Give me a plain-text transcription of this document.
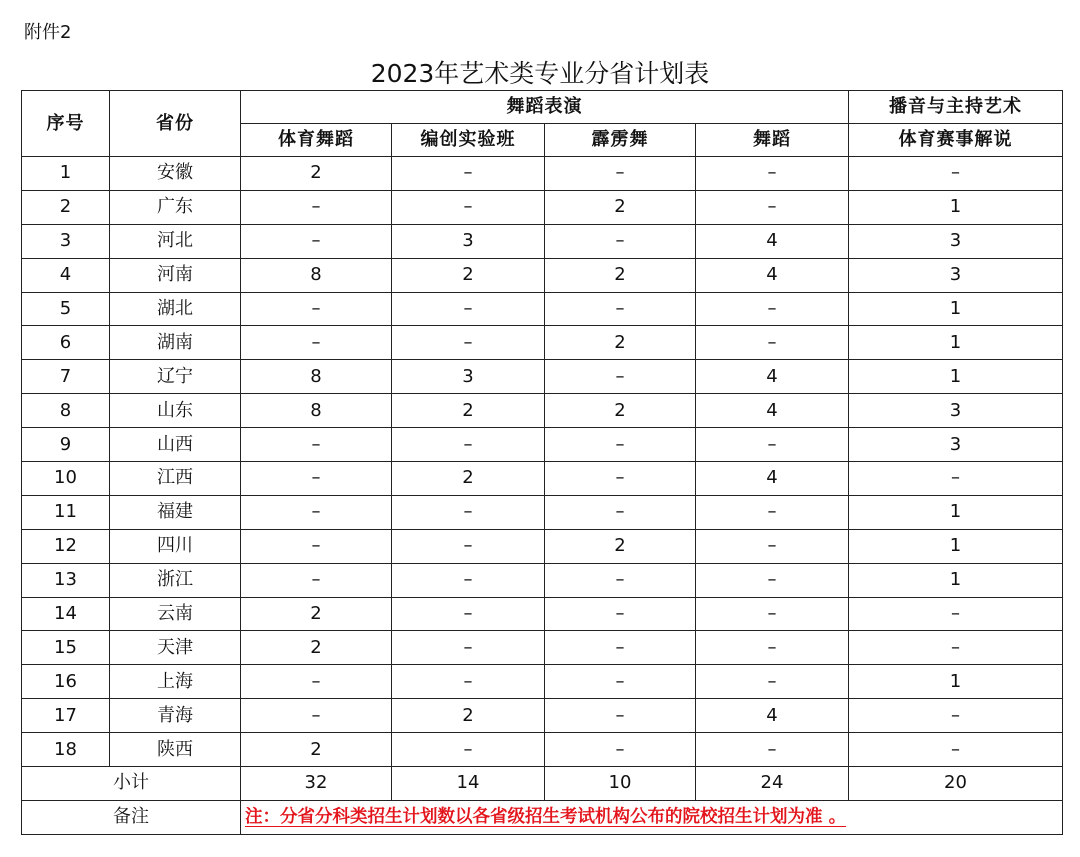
附件2
2023年艺术类专业分省计划表
序号	省份	舞蹈表演				播音与主持艺术
		体育舞蹈	编创实验班	霹雳舞	舞蹈	体育赛事解说
1	安徽	2	–	–	–	–
2	广东	–	–	2	–	1
3	河北	–	3	–	4	3
4	河南	8	2	2	4	3
5	湖北	–	–	–	–	1
6	湖南	–	–	2	–	1
7	辽宁	8	3	–	4	1
8	山东	8	2	2	4	3
9	山西	–	–	–	–	3
10	江西	–	2	–	4	–
11	福建	–	–	–	–	1
12	四川	–	–	2	–	1
13	浙江	–	–	–	–	1
14	云南	2	–	–	–	–
15	天津	2	–	–	–	–
16	上海	–	–	–	–	1
17	青海	–	2	–	4	–
18	陕西	2	–	–	–	–
小计		32	14	10	24	20
备注		注：分省分科类招生计划数以各省级招生考试机构公布的院校招生计划为准 。				
